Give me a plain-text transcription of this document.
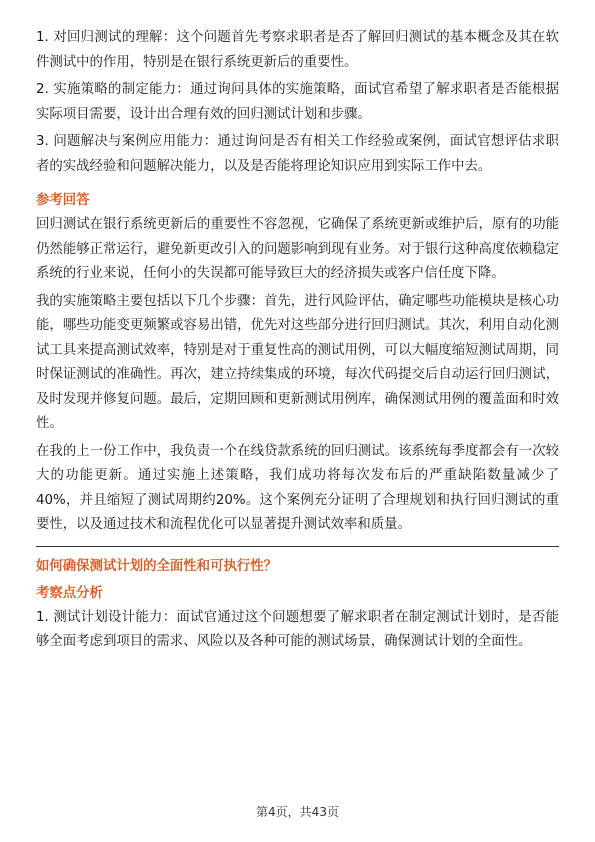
1. 对回归测试的理解：这个问题首先考察求职者是否了解回归测试的基本概念及其在软件测试中的作用，特别是在银行系统更新后的重要性。

2. 实施策略的制定能力：通过询问具体的实施策略，面试官希望了解求职者是否能根据实际项目需要，设计出合理有效的回归测试计划和步骤。

3. 问题解决与案例应用能力：通过询问是否有相关工作经验或案例，面试官想评估求职者的实战经验和问题解决能力，以及是否能将理论知识应用到实际工作中去。

参考回答

回归测试在银行系统更新后的重要性不容忽视，它确保了系统更新或维护后，原有的功能仍然能够正常运行，避免新更改引入的问题影响到现有业务。对于银行这种高度依赖稳定系统的行业来说，任何小的失误都可能导致巨大的经济损失或客户信任度下降。

我的实施策略主要包括以下几个步骤：首先，进行风险评估，确定哪些功能模块是核心功能，哪些功能变更频繁或容易出错，优先对这些部分进行回归测试。其次，利用自动化测试工具来提高测试效率，特别是对于重复性高的测试用例，可以大幅度缩短测试周期，同时保证测试的准确性。再次，建立持续集成的环境，每次代码提交后自动运行回归测试，及时发现并修复问题。最后，定期回顾和更新测试用例库，确保测试用例的覆盖面和时效性。

在我的上一份工作中，我负责一个在线贷款系统的回归测试。该系统每季度都会有一次较大的功能更新。通过实施上述策略，我们成功将每次发布后的严重缺陷数量减少了40%，并且缩短了测试周期约20%。这个案例充分证明了合理规划和执行回归测试的重要性，以及通过技术和流程优化可以显著提升测试效率和质量。

如何确保测试计划的全面性和可执行性？
考察点分析

1. 测试计划设计能力：面试官通过这个问题想要了解求职者在制定测试计划时，是否能够全面考虑到项目的需求、风险以及各种可能的测试场景，确保测试计划的全面性。

第4页，共43页
